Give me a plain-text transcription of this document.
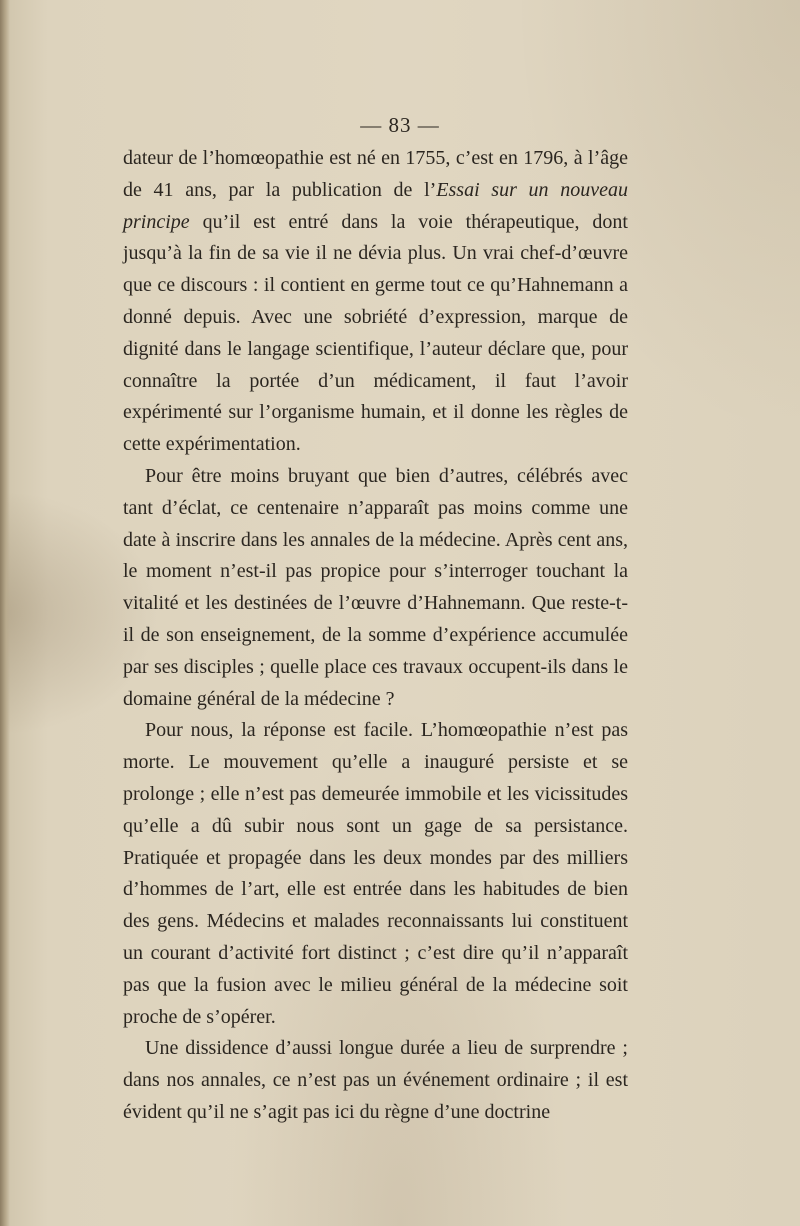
— 83 —

dateur de l’homœopathie est né en 1755, c’est en 1796, à l’âge de 41 ans, par la publication de l’Essai sur un nouveau principe qu’il est entré dans la voie thérapeutique, dont jusqu’à la fin de sa vie il ne dévia plus. Un vrai chef-d’œuvre que ce discours : il contient en germe tout ce qu’Hahnemann a donné depuis. Avec une sobriété d’expression, marque de dignité dans le langage scientifique, l’auteur déclare que, pour connaître la portée d’un médicament, il faut l’avoir expérimenté sur l’organisme humain, et il donne les règles de cette expérimentation.

Pour être moins bruyant que bien d’autres, célébrés avec tant d’éclat, ce centenaire n’apparaît pas moins comme une date à inscrire dans les annales de la médecine. Après cent ans, le moment n’est-il pas propice pour s’interroger touchant la vitalité et les destinées de l’œuvre d’Hahnemann. Que reste-t-il de son enseignement, de la somme d’expérience accumulée par ses disciples ; quelle place ces travaux occupent-ils dans le domaine général de la médecine ?

Pour nous, la réponse est facile. L’homœopathie n’est pas morte. Le mouvement qu’elle a inauguré persiste et se prolonge ; elle n’est pas demeurée immobile et les vicissitudes qu’elle a dû subir nous sont un gage de sa persistance. Pratiquée et propagée dans les deux mondes par des milliers d’hommes de l’art, elle est entrée dans les habitudes de bien des gens. Médecins et malades reconnaissants lui constituent un courant d’activité fort distinct ; c’est dire qu’il n’apparaît pas que la fusion avec le milieu général de la médecine soit proche de s’opérer.

Une dissidence d’aussi longue durée a lieu de surprendre ; dans nos annales, ce n’est pas un événement ordinaire ; il est évident qu’il ne s’agit pas ici du règne d’une doctrine
